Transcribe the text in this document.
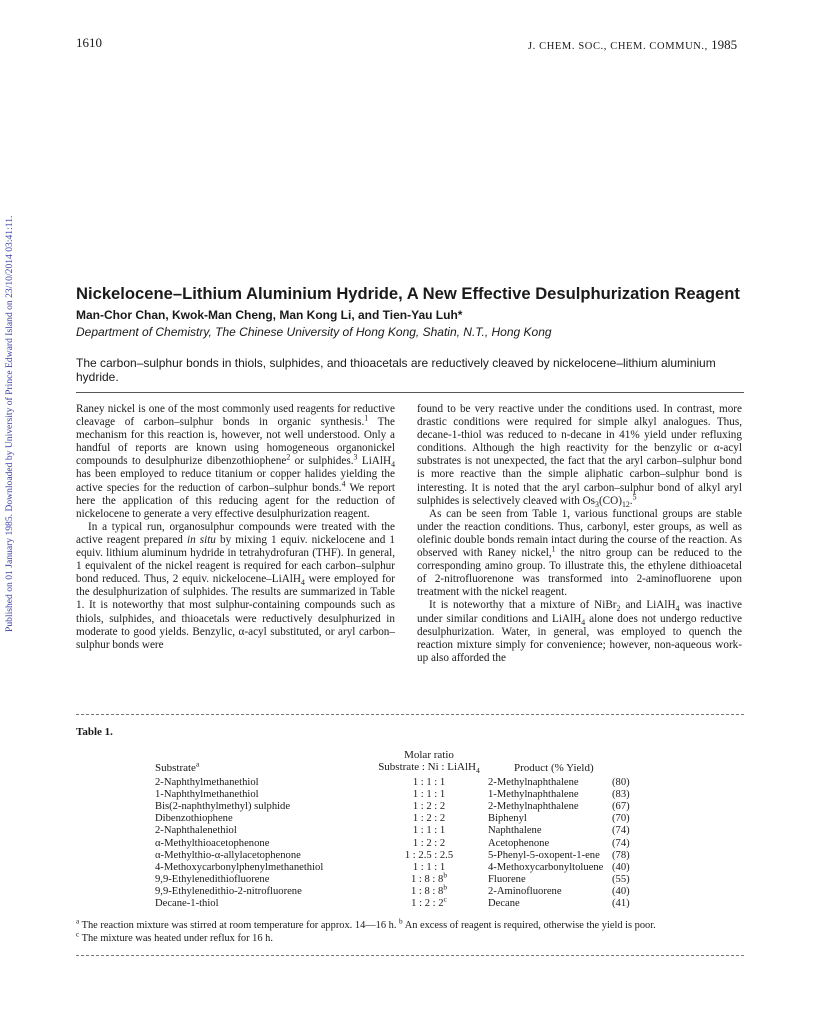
1610	J. CHEM. SOC., CHEM. COMMUN., 1985
Published on 01 January 1985. Downloaded by University of Prince Edward Island on 23/10/2014 03:41:11.	Nickelocene–Lithium Aluminium Hydride, A New Effective Desulphurization Reagent
Man-Chor Chan, Kwok-Man Cheng, Man Kong Li, and Tien-Yau Luh*
Department of Chemistry, The Chinese University of Hong Kong, Shatin, N.T., Hong Kong
The carbon–sulphur bonds in thiols, sulphides, and thioacetals are reductively cleaved by nickelocene–lithium aluminium hydride.

Raney nickel is one of the most commonly used reagents for reductive cleavage of carbon–sulphur bonds in organic synthesis.$^1$ The mechanism for this reaction is, however, not well understood. Only a handful of reports are known using homogeneous organonickel compounds to desulphurize dibenzothiophene$^2$ or sulphides.$^3$ LiAlH$_4$ has been employed to reduce titanium or copper halides yielding the active species for the reduction of carbon–sulphur bonds.$^4$ We report here the application of this reducing agent for the reduction of nickelocene to generate a very effective desulphurization reagent.

In a typical run, organosulphur compounds were treated with the active reagent prepared in situ by mixing 1 equiv. nickelocene and 1 equiv. lithium aluminum hydride in tetrahydrofuran (THF). In general, 1 equivalent of the nickel reagent is required for each carbon–sulphur bond reduced. Thus, 2 equiv. nickelocene–LiAlH$_4$ were employed for the desulphurization of sulphides. The results are summarized in Table 1. It is noteworthy that most sulphur-containing compounds such as thiols, sulphides, and thioacetals were reductively desulphurized in moderate to good yields. Benzylic, α-acyl substituted, or aryl carbon–sulphur bonds were

found to be very reactive under the conditions used. In contrast, more drastic conditions were required for simple alkyl analogues. Thus, decane-1-thiol was reduced to n-decane in 41% yield under refluxing conditions. Although the high reactivity for the benzylic or α-acyl substrates is not unexpected, the fact that the aryl carbon–sulphur bond is more reactive than the simple aliphatic carbon–sulphur bond is interesting. It is noted that the aryl carbon–sulphur bond of alkyl aryl sulphides is selectively cleaved with $Os_3(CO)_{12}.^5$

As can be seen from Table 1, various functional groups are stable under the reaction conditions. Thus, carbonyl, ester groups, as well as olefinic double bonds remain intact during the course of the reaction. As observed with Raney nickel,$^1$ the nitro group can be reduced to the corresponding amino group. To illustrate this, the ethylene dithioacetal of 2-nitrofluorenone was transformed into 2-aminofluorene upon treatment with the nickel reagent.

It is noteworthy that a mixture of NiBr$_2$ and LiAlH$_4$ was inactive under similar conditions and LiAlH$_4$ alone does not undergo reductive desulphurization. Water, in general, was employed to quench the reaction mixture simply for convenience; however, non-aqueous work-up also afforded the

Table 1.
Molar ratio
Substrate : Ni : LiAlH$_4$
Substrate$^a$	Product (% Yield)
2-Naphthylmethanethiol	1 : 1 : 1	2-Methylnaphthalene	(80)
1-Naphthylmethanethiol	1 : 1 : 1	1-Methylnaphthalene	(83)
Bis(2-naphthylmethyl) sulphide	1 : 2 : 2	2-Methylnaphthalene	(67)
Dibenzothiophene	1 : 2 : 2	Biphenyl	(70)
2-Naphthalenethiol	1 : 1 : 1	Naphthalene	(74)
α-Methylthioacetophenone	1 : 2 : 2	Acetophenone	(74)
α-Methylthio-α-allylacetophenone	1 : 2.5 : 2.5	5-Phenyl-5-oxopent-1-ene (78)
4-Methoxycarbonylphenylmethanethiol	1 : 1 : 1	4-Methoxycarbonyltoluene (40)
9,9-Ethylenedithiofluorene	1 : 8 : 8$^b$	Fluorene	(55)
9,9-Ethylenedithio-2-nitrofluorene	1 : 8 : 8$^b$	2-Aminofluorene	(40)
Decane-1-thiol	1 : 2 : 2$^c$	Decane	(41)

$^a$ The reaction mixture was stirred at room temperature for approx. 14—16 h. $^b$ An excess of reagent is required, otherwise the yield is poor.

$^c$ The mixture was heated under reflux for 16 h.
